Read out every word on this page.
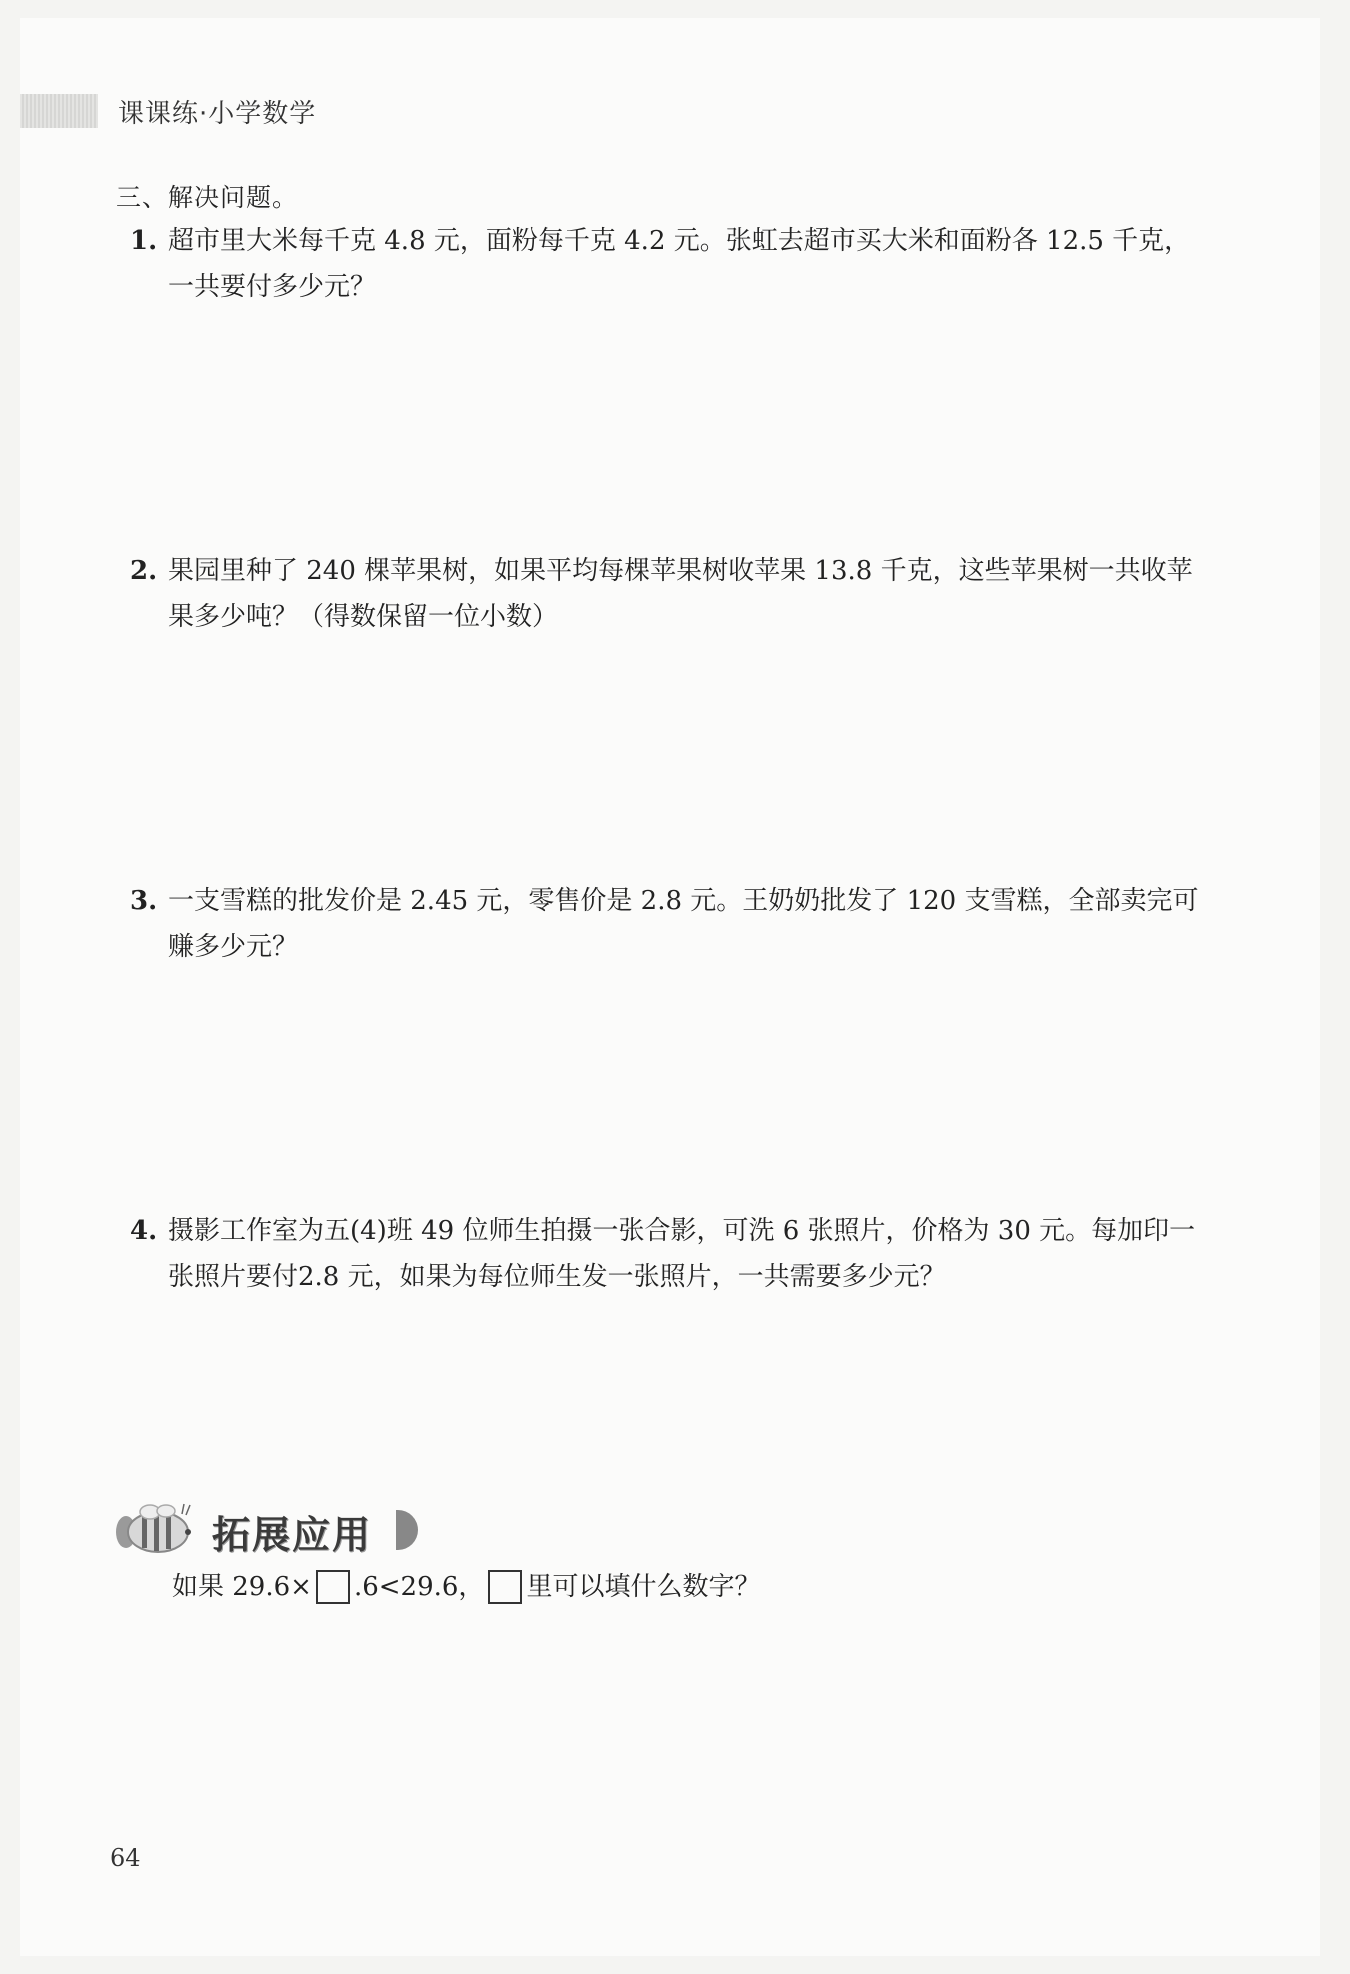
课课练·小学数学
三、解决问题。
1. 超市里大米每千克 4.8 元，面粉每千克 4.2 元。张虹去超市买大米和面粉各 12.5 千克，一共要付多少元？
2. 果园里种了 240 棵苹果树，如果平均每棵苹果树收苹果 13.8 千克，这些苹果树一共收苹果多少吨？（得数保留一位小数）
3. 一支雪糕的批发价是 2.45 元，零售价是 2.8 元。王奶奶批发了 120 支雪糕，全部卖完可赚多少元？
4. 摄影工作室为五(4)班 49 位师生拍摄一张合影，可洗 6 张照片，价格为 30 元。每加印一张照片要付2.8 元，如果为每位师生发一张照片，一共需要多少元？
拓展应用
如果 29.6× .6<29.6， 里可以填什么数字？
64
